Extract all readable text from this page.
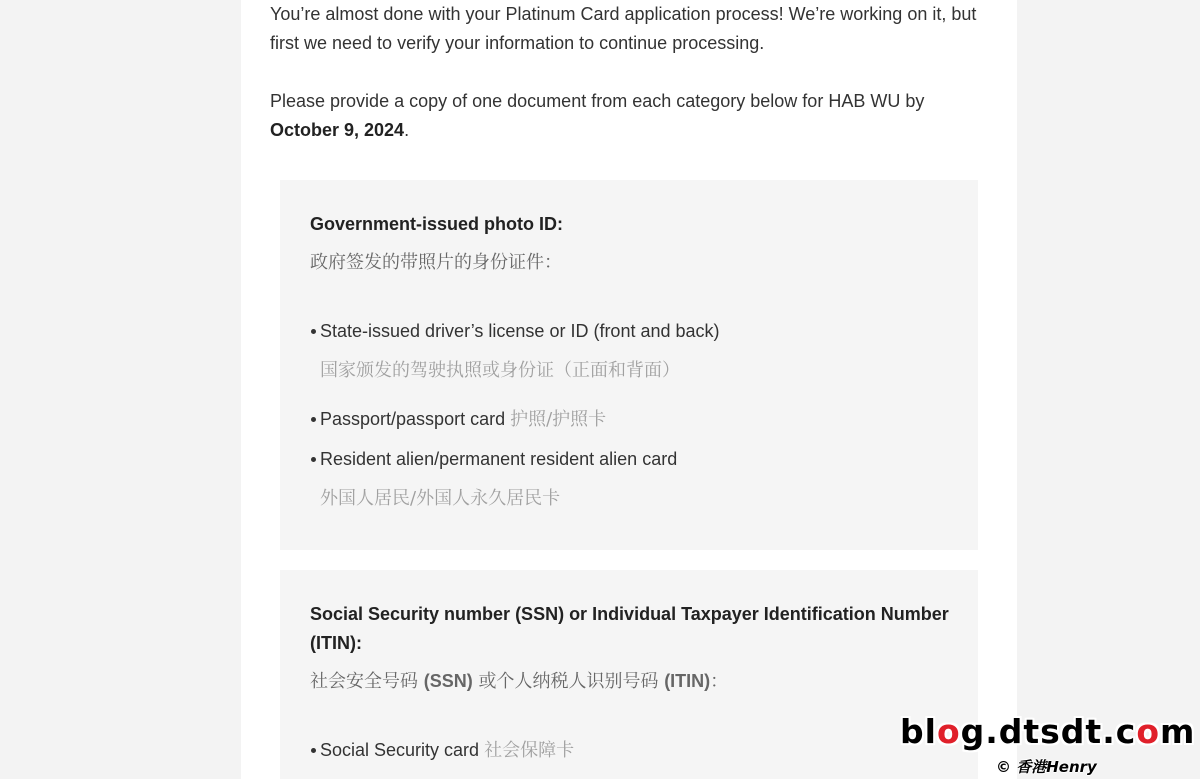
You’re almost done with your Platinum Card application process! We’re working on it, but first we need to verify your information to continue processing.

Please provide a copy of one document from each category below for HAB WU by October 9, 2024.

Government-issued photo ID:
政府签发的带照片的身份证件：
State-issued driver’s license or ID (front and back)
国家颁发的驾驶执照或身份证（正面和背面）
Passport/passport card 护照/护照卡
Resident alien/permanent resident alien card
外国人居民/外国人永久居民卡
Social Security number (SSN) or Individual Taxpayer Identification Number (ITIN):
社会安全号码 (SSN) 或个人纳税人识别号码 (ITIN)：
Social Security card 社会保障卡	blog.dtsdt.com
© 香港Henry
